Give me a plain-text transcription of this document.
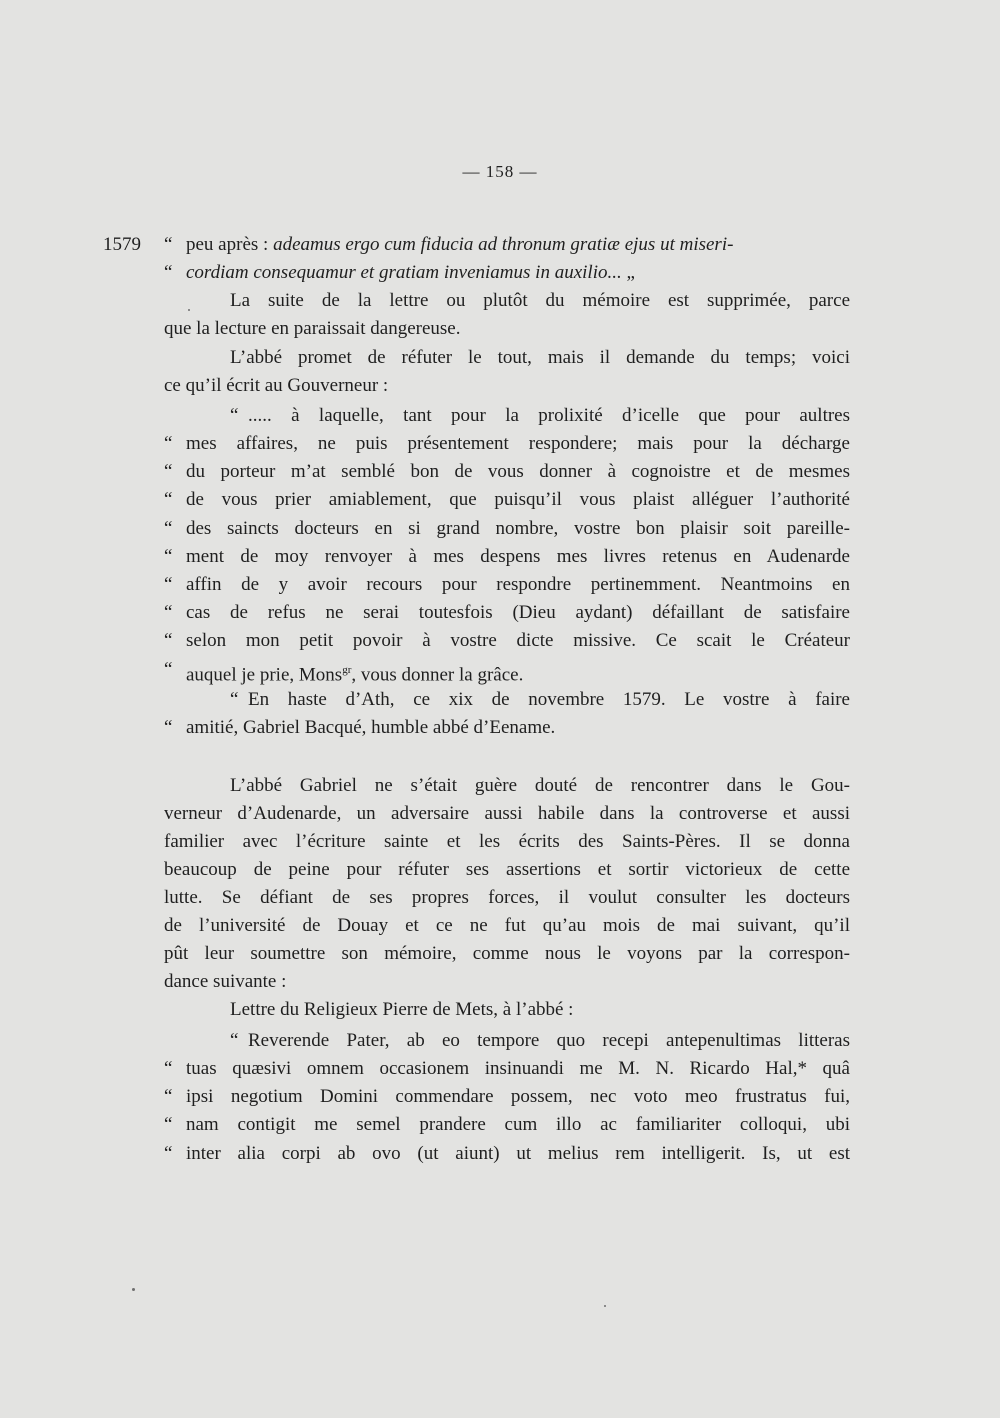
— 158 —
1579 “ peu après : adeamus ergo cum fiducia ad thronum gratiæ ejus ut miseri-
“ cordiam consequamur et gratiam inveniamus in auxilio... „
La suite de la lettre ou plutôt du mémoire est supprimée, parce
que la lecture en paraissait dangereuse.
L’abbé promet de réfuter le tout, mais il demande du temps; voici
ce qu’il écrit au Gouverneur :
“ ..... à laquelle, tant pour la prolixité d’icelle que pour aultres
“ mes affaires, ne puis présentement respondere; mais pour la décharge
“ du porteur m’at semblé bon de vous donner à cognoistre et de mesmes
“ de vous prier amiablement, que puisqu’il vous plaist alléguer l’authorité
“ des saincts docteurs en si grand nombre, vostre bon plaisir soit pareille-
“ ment de moy renvoyer à mes despens mes livres retenus en Audenarde
“ affin de y avoir recours pour respondre pertinemment. Neantmoins en
“ cas de refus ne serai toutesfois (Dieu aydant) défaillant de satisfaire
“ selon mon petit povoir à vostre dicte missive. Ce scait le Créateur
“ auquel je prie, Mons$^{gr}$, vous donner la grâce.
“ En haste d’Ath, ce xix de novembre 1579. Le vostre à faire
“ amitié, Gabriel Bacqué, humble abbé d’Eename.
L’abbé Gabriel ne s’était guère douté de rencontrer dans le Gou-
verneur d’Audenarde, un adversaire aussi habile dans la controverse et aussi
familier avec l’écriture sainte et les écrits des Saints-Pères. Il se donna
beaucoup de peine pour réfuter ses assertions et sortir victorieux de cette
lutte. Se défiant de ses propres forces, il voulut consulter les docteurs
de l’université de Douay et ce ne fut qu’au mois de mai suivant, qu’il
pût leur soumettre son mémoire, comme nous le voyons par la correspon-
dance suivante :
Lettre du Religieux Pierre de Mets, à l’abbé :
“ Reverende Pater, ab eo tempore quo recepi antepenultimas litteras
“ tuas quæsivi omnem occasionem insinuandi me M. N. Ricardo Hal,* quâ
“ ipsi negotium Domini commendare possem, nec voto meo frustratus fui,
“ nam contigit me semel prandere cum illo ac familiariter colloqui, ubi
“ inter alia corpi ab ovo (ut aiunt) ut melius rem intelligerit. Is, ut est
